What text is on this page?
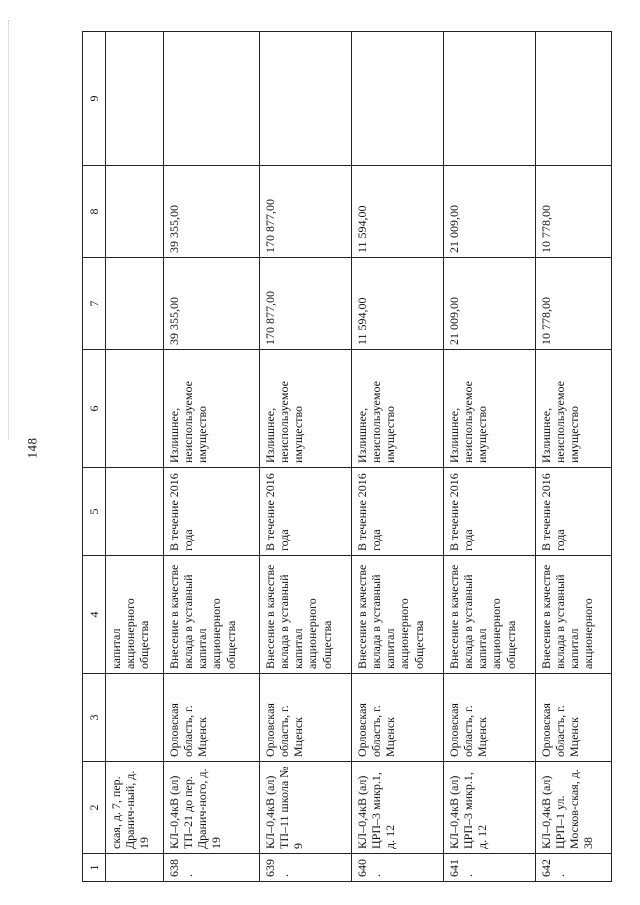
148
1	2	3	4	5	6	7	8	9
	ская, д. 7, пер. Дранич-ный, д. 19		капитал акционерного общества					
638.	КЛ–0,4кВ (ал) ТП–21 до пер. Дранич-ного, д. 19	Орловская область, г. Мценск	Внесение в качестве вклада в уставный капитал акционерного общества	В течение 2016 года	Излишнее, неиспользуемое имущество	39 355,00	39 355,00	
639.	КЛ–0,4кВ (ал) ТП–11 школа № 9	Орловская область, г. Мценск	Внесение в качестве вклада в уставный капитал акционерного общества	В течение 2016 года	Излишнее, неиспользуемое имущество	170 877,00	170 877,00	
640.	КЛ–0,4кВ (ал) ЦРП–3 микр.1, д. 12	Орловская область, г. Мценск	Внесение в качестве вклада в уставный капитал акционерного общества	В течение 2016 года	Излишнее, неиспользуемое имущество	11 594,00	11 594,00	
641.	КЛ–0,4кВ (ал) ЦРП–3 микр.1, д. 12	Орловская область, г. Мценск	Внесение в качестве вклада в уставный капитал акционерного общества	В течение 2016 года	Излишнее, неиспользуемое имущество	21 009,00	21 009,00	
642.	КЛ–0,4кВ (ал) ЦРП–1 ул. Москов-ская, д. 38	Орловская область, г. Мценск	Внесение в качестве вклада в уставный капитал акционерного	В течение 2016 года	Излишнее, неиспользуемое имущество	10 778,00	10 778,00	
